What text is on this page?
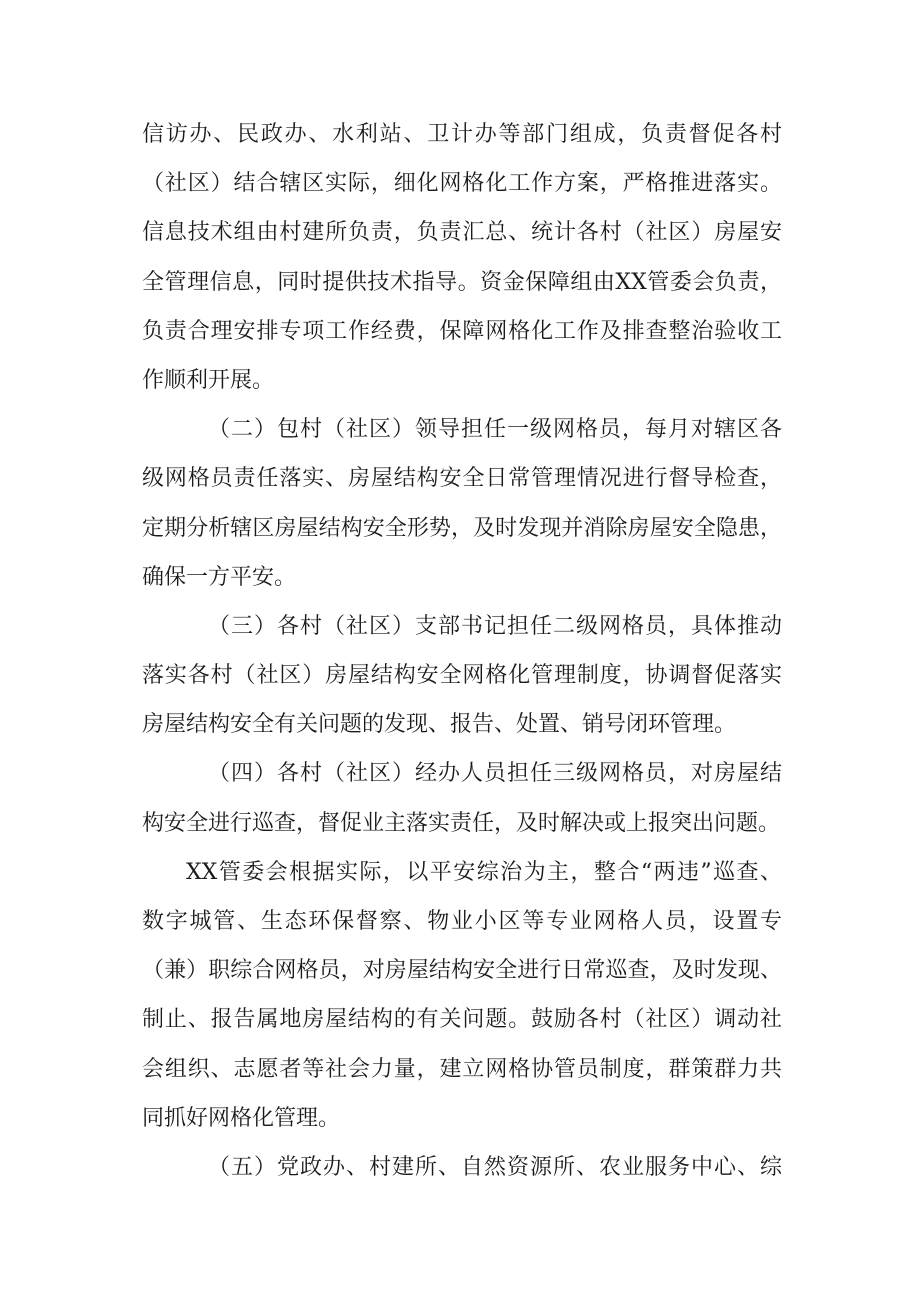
信访办、民政办、水利站、卫计办等部门组成，负责督促各村
（社区）结合辖区实际，细化网格化工作方案，严格推进落实。
信息技术组由村建所负责，负责汇总、统计各村（社区）房屋安
全管理信息，同时提供技术指导。资金保障组由XX管委会负责，
负责合理安排专项工作经费，保障网格化工作及排查整治验收工
作顺利开展。
（二）包村（社区）领导担任一级网格员，每月对辖区各
级网格员责任落实、房屋结构安全日常管理情况进行督导检查，
定期分析辖区房屋结构安全形势，及时发现并消除房屋安全隐患，
确保一方平安。
（三）各村（社区）支部书记担任二级网格员，具体推动
落实各村（社区）房屋结构安全网格化管理制度，协调督促落实
房屋结构安全有关问题的发现、报告、处置、销号闭环管理。
（四）各村（社区）经办人员担任三级网格员，对房屋结
构安全进行巡查，督促业主落实责任，及时解决或上报突出问题。
XX管委会根据实际，以平安综治为主，整合“两违”巡查、
数字城管、生态环保督察、物业小区等专业网格人员，设置专
（兼）职综合网格员，对房屋结构安全进行日常巡查，及时发现、
制止、报告属地房屋结构的有关问题。鼓励各村（社区）调动社
会组织、志愿者等社会力量，建立网格协管员制度，群策群力共
同抓好网格化管理。
（五）党政办、村建所、自然资源所、农业服务中心、综
